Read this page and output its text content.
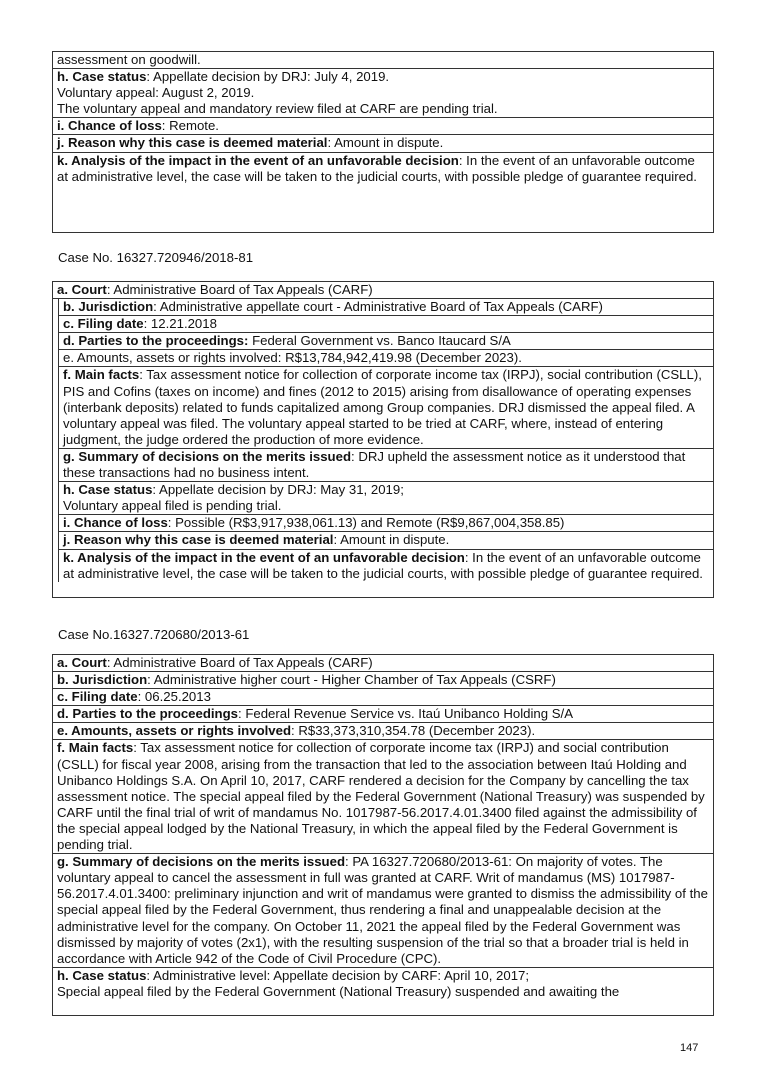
assessment on goodwill.

h. Case status: Appellate decision by DRJ: July 4, 2019.

Voluntary appeal: August 2, 2019.

The voluntary appeal and mandatory review filed at CARF are pending trial.

i. Chance of loss: Remote.

j. Reason why this case is deemed material: Amount in dispute.

k. Analysis of the impact in the event of an unfavorable decision: In the event of an unfavorable outcome at administrative level, the case will be taken to the judicial courts, with possible pledge of guarantee required.

Case No. 16327.720946/2018-81

a. Court: Administrative Board of Tax Appeals (CARF)

b. Jurisdiction: Administrative appellate court - Administrative Board of Tax Appeals (CARF)

c. Filing date: 12.21.2018

d. Parties to the proceedings: Federal Government vs. Banco Itaucard S/A

e. Amounts, assets or rights involved: R$13,784,942,419.98 (December 2023).

f. Main facts: Tax assessment notice for collection of corporate income tax (IRPJ), social contribution (CSLL), PIS and Cofins (taxes on income) and fines (2012 to 2015) arising from disallowance of operating expenses (interbank deposits) related to funds capitalized among Group companies. DRJ dismissed the appeal filed. A voluntary appeal was filed. The voluntary appeal started to be tried at CARF, where, instead of entering judgment, the judge ordered the production of more evidence.

g. Summary of decisions on the merits issued: DRJ upheld the assessment notice as it understood that these transactions had no business intent.

h. Case status: Appellate decision by DRJ: May 31, 2019;

Voluntary appeal filed is pending trial.

i. Chance of loss: Possible (R$3,917,938,061.13) and Remote (R$9,867,004,358.85)

j. Reason why this case is deemed material: Amount in dispute.

k. Analysis of the impact in the event of an unfavorable decision: In the event of an unfavorable outcome at administrative level, the case will be taken to the judicial courts, with possible pledge of guarantee required.

Case No.16327.720680/2013-61

a. Court: Administrative Board of Tax Appeals (CARF)

b. Jurisdiction: Administrative higher court - Higher Chamber of Tax Appeals (CSRF)

c. Filing date: 06.25.2013

d. Parties to the proceedings: Federal Revenue Service vs. Itaú Unibanco Holding S/A

e. Amounts, assets or rights involved: R$33,373,310,354.78 (December 2023).

f. Main facts: Tax assessment notice for collection of corporate income tax (IRPJ) and social contribution (CSLL) for fiscal year 2008, arising from the transaction that led to the association between Itaú Holding and Unibanco Holdings S.A. On April 10, 2017, CARF rendered a decision for the Company by cancelling the tax assessment notice. The special appeal filed by the Federal Government (National Treasury) was suspended by CARF until the final trial of writ of mandamus No. 1017987-56.2017.4.01.3400 filed against the admissibility of the special appeal lodged by the National Treasury, in which the appeal filed by the Federal Government is pending trial.

g. Summary of decisions on the merits issued: PA 16327.720680/2013-61: On majority of votes. The voluntary appeal to cancel the assessment in full was granted at CARF. Writ of mandamus (MS) 1017987-56.2017.4.01.3400: preliminary injunction and writ of mandamus were granted to dismiss the admissibility of the special appeal filed by the Federal Government, thus rendering a final and unappealable decision at the administrative level for the company. On October 11, 2021 the appeal filed by the Federal Government was dismissed by majority of votes (2x1), with the resulting suspension of the trial so that a broader trial is held in accordance with Article 942 of the Code of Civil Procedure (CPC).

h. Case status: Administrative level: Appellate decision by CARF: April 10, 2017;

Special appeal filed by the Federal Government (National Treasury) suspended and awaiting the

147
